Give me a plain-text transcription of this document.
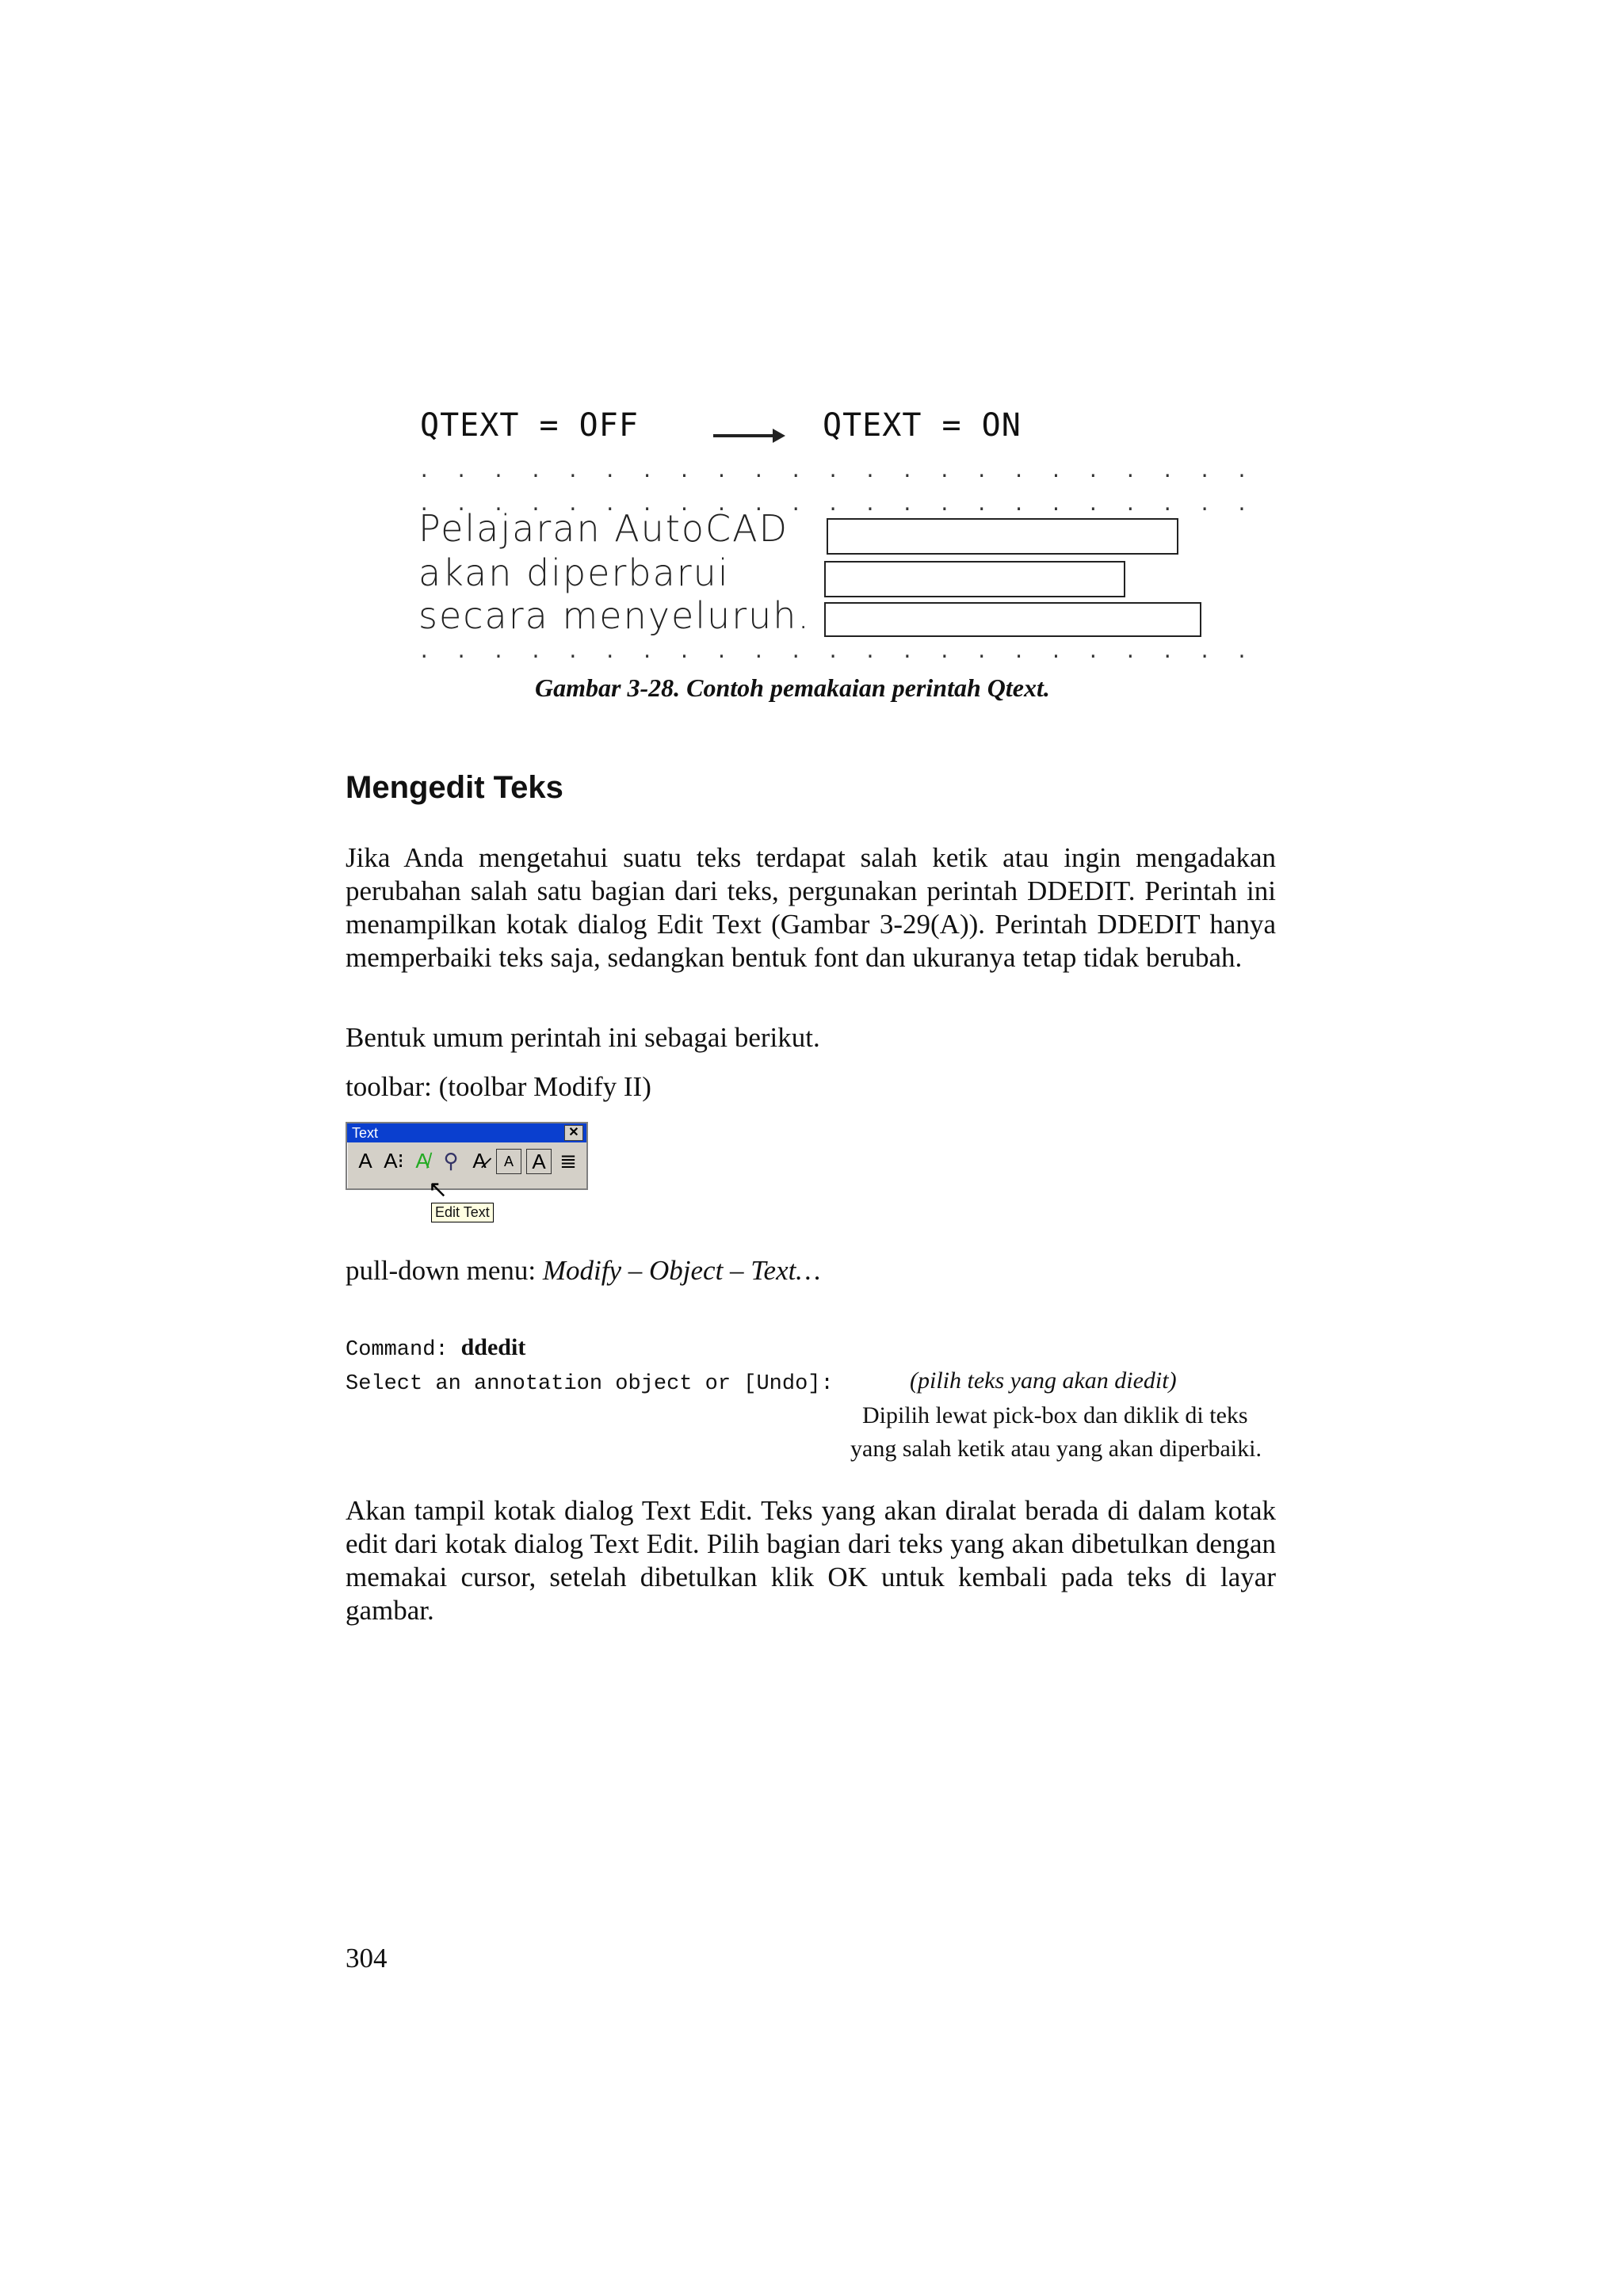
QTEXT = OFF	QTEXT = ON
. . . . . . . . . . . . . . . . . . . . . . .
. . . . . . . . . . . . . . . . . . . . . . .
. . . . . . . . . . . . . . . . . . . . . . .
Pelajaran AutoCAD
akan diperbarui
secara menyeluruh.
Gambar 3-28. Contoh pemakaian perintah Qtext.
Mengedit Teks
Jika Anda mengetahui suatu teks terdapat salah ketik atau ingin mengadakan perubahan salah satu bagian dari teks, pergunakan perintah DDEDIT. Perintah ini menampilkan kotak dialog Edit Text (Gambar 3-29(A)). Perintah DDEDIT hanya memperbaiki teks saja, sedangkan bentuk font dan ukuranya tetap tidak berubah.
Bentuk umum perintah ini sebagai berikut.
toolbar: (toolbar Modify II)
Text	✕
A A⁝ A̸ ⚲ A̷	A A ≣
↖
Edit Text
pull-down menu: Modify – Object – Text…
Command: ddedit
Select an annotation object or [Undo]:	(pilih teks yang akan diedit)
Dipilih lewat pick-box dan diklik di teks
yang salah ketik atau yang akan diperbaiki.
Akan tampil kotak dialog Text Edit. Teks yang akan diralat berada di dalam kotak edit dari kotak dialog Text Edit. Pilih bagian dari teks yang akan dibetulkan dengan memakai cursor, setelah dibetulkan klik OK untuk kembali pada teks di layar gambar.
304
